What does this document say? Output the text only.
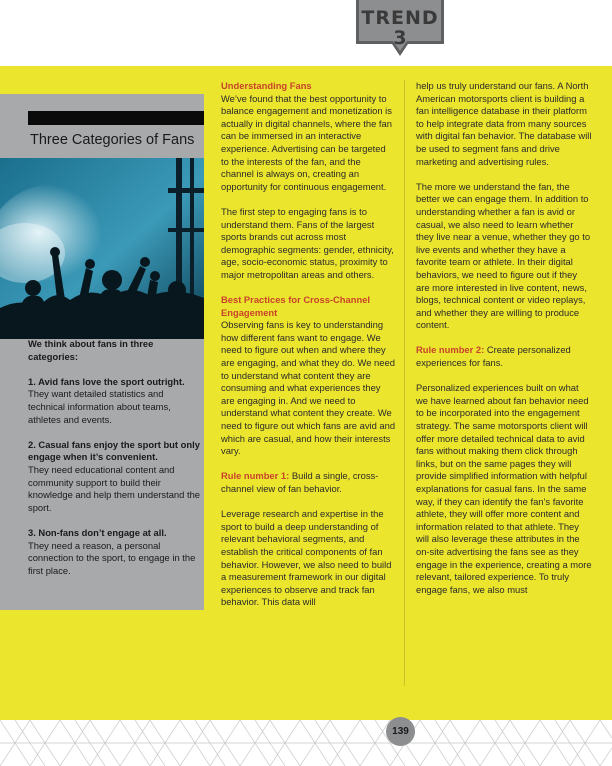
TREND
3
Three Categories of Fans

We think about fans in three categories:

1. Avid fans love the sport outright.
They want detailed statistics and technical information about teams, athletes and events.

2. Casual fans enjoy the sport but only engage when it’s convenient.
They need educational content and community support to build their knowledge and help them understand the sport.

3. Non-fans don’t engage at all.
They need a reason, a personal connection to the sport, to engage in the first place.

Understanding Fans

We’ve found that the best opportunity to balance engagement and monetization is actually in digital channels, where the fan can be immersed in an interactive experience. Advertising can be targeted to the interests of the fan, and the channel is always on, creating an opportunity for continuous engagement.

The first step to engaging fans is to understand them. Fans of the largest sports brands cut across most demographic segments: gender, ethnicity, age, socio-economic status, proximity to major metropolitan areas and others.

Best Practices for Cross-Channel Engagement

Observing fans is key to understanding how different fans want to engage. We need to figure out when and where they are engaging, and what they do. We need to understand what content they are consuming and what experiences they are engaging in. And we need to understand what content they create. We need to figure out which fans are avid and which are casual, and how their interests vary.

Rule number 1: Build a single, cross-channel view of fan behavior.

Leverage research and expertise in the sport to build a deep understanding of relevant behavioral segments, and establish the critical components of fan behavior. However, we also need to build a measurement framework in our digital experiences to observe and track fan behavior. This data will

help us truly understand our fans. A North American motorsports client is building a fan intelligence database in their platform to help integrate data from many sources with digital fan behavior. The database will be used to segment fans and drive marketing and advertising rules.

The more we understand the fan, the better we can engage them. In addition to understanding whether a fan is avid or casual, we also need to learn whether they live near a venue, whether they go to live events and whether they have a favorite team or athlete. In their digital behaviors, we need to figure out if they are more interested in live content, news, blogs, technical content or video replays, and whether they are willing to produce content.

Rule number 2: Create personalized experiences for fans.

Personalized experiences built on what we have learned about fan behavior need to be incorporated into the engagement strategy. The same motorsports client will offer more detailed technical data to avid fans without making them click through links, but on the same pages they will provide simplified information with helpful explanations for casual fans. In the same way, if they can identify the fan’s favorite athlete, they will offer more content and information related to that athlete. They will also leverage these attributes in the on-site advertising the fans see as they engage in the experience, creating a more relevant, tailored experience. To truly engage fans, we also must

139
